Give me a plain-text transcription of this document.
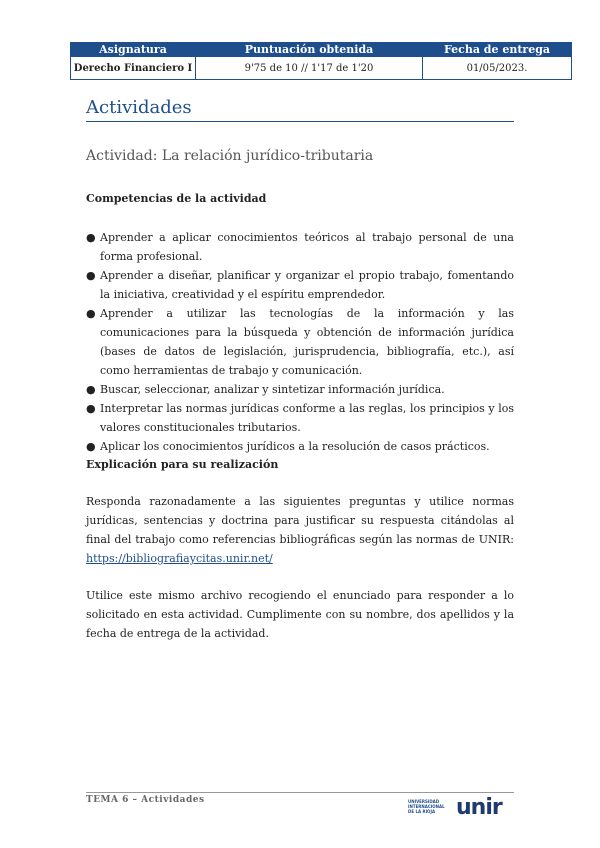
Asignatura	Puntuación obtenida	Fecha de entrega
Derecho Financiero I	9'75 de 10 // 1'17 de 1'20	01/05/2023.
Actividades
Actividad: La relación jurídico-tributaria
Competencias de la actividad
● Aprender a aplicar conocimientos teóricos al trabajo personal de una forma profesional.
● Aprender a diseñar, planificar y organizar el propio trabajo, fomentando la iniciativa, creatividad y el espíritu emprendedor.
● Aprender a utilizar las tecnologías de la información y las comunicaciones para la búsqueda y obtención de información jurídica (bases de datos de legislación, jurisprudencia, bibliografía, etc.), así como herramientas de trabajo y comunicación.
● Buscar, seleccionar, analizar y sintetizar información jurídica.
● Interpretar las normas jurídicas conforme a las reglas, los principios y los valores constitucionales tributarios.
● Aplicar los conocimientos jurídicos a la resolución de casos prácticos.
Explicación para su realización

Responda razonadamente a las siguientes preguntas y utilice normas jurídicas, sentencias y doctrina para justificar su respuesta citándolas al final del trabajo como referencias bibliográficas según las normas de UNIR: https://bibliografiaycitas.unir.net/

Utilice este mismo archivo recogiendo el enunciado para responder a lo solicitado en esta actividad. Cumplimente con su nombre, dos apellidos y la fecha de entrega de la actividad.

TEMA 6 – Actividades	UNIVERSIDAD INTERNACIONAL DE LA RIOJA unir
